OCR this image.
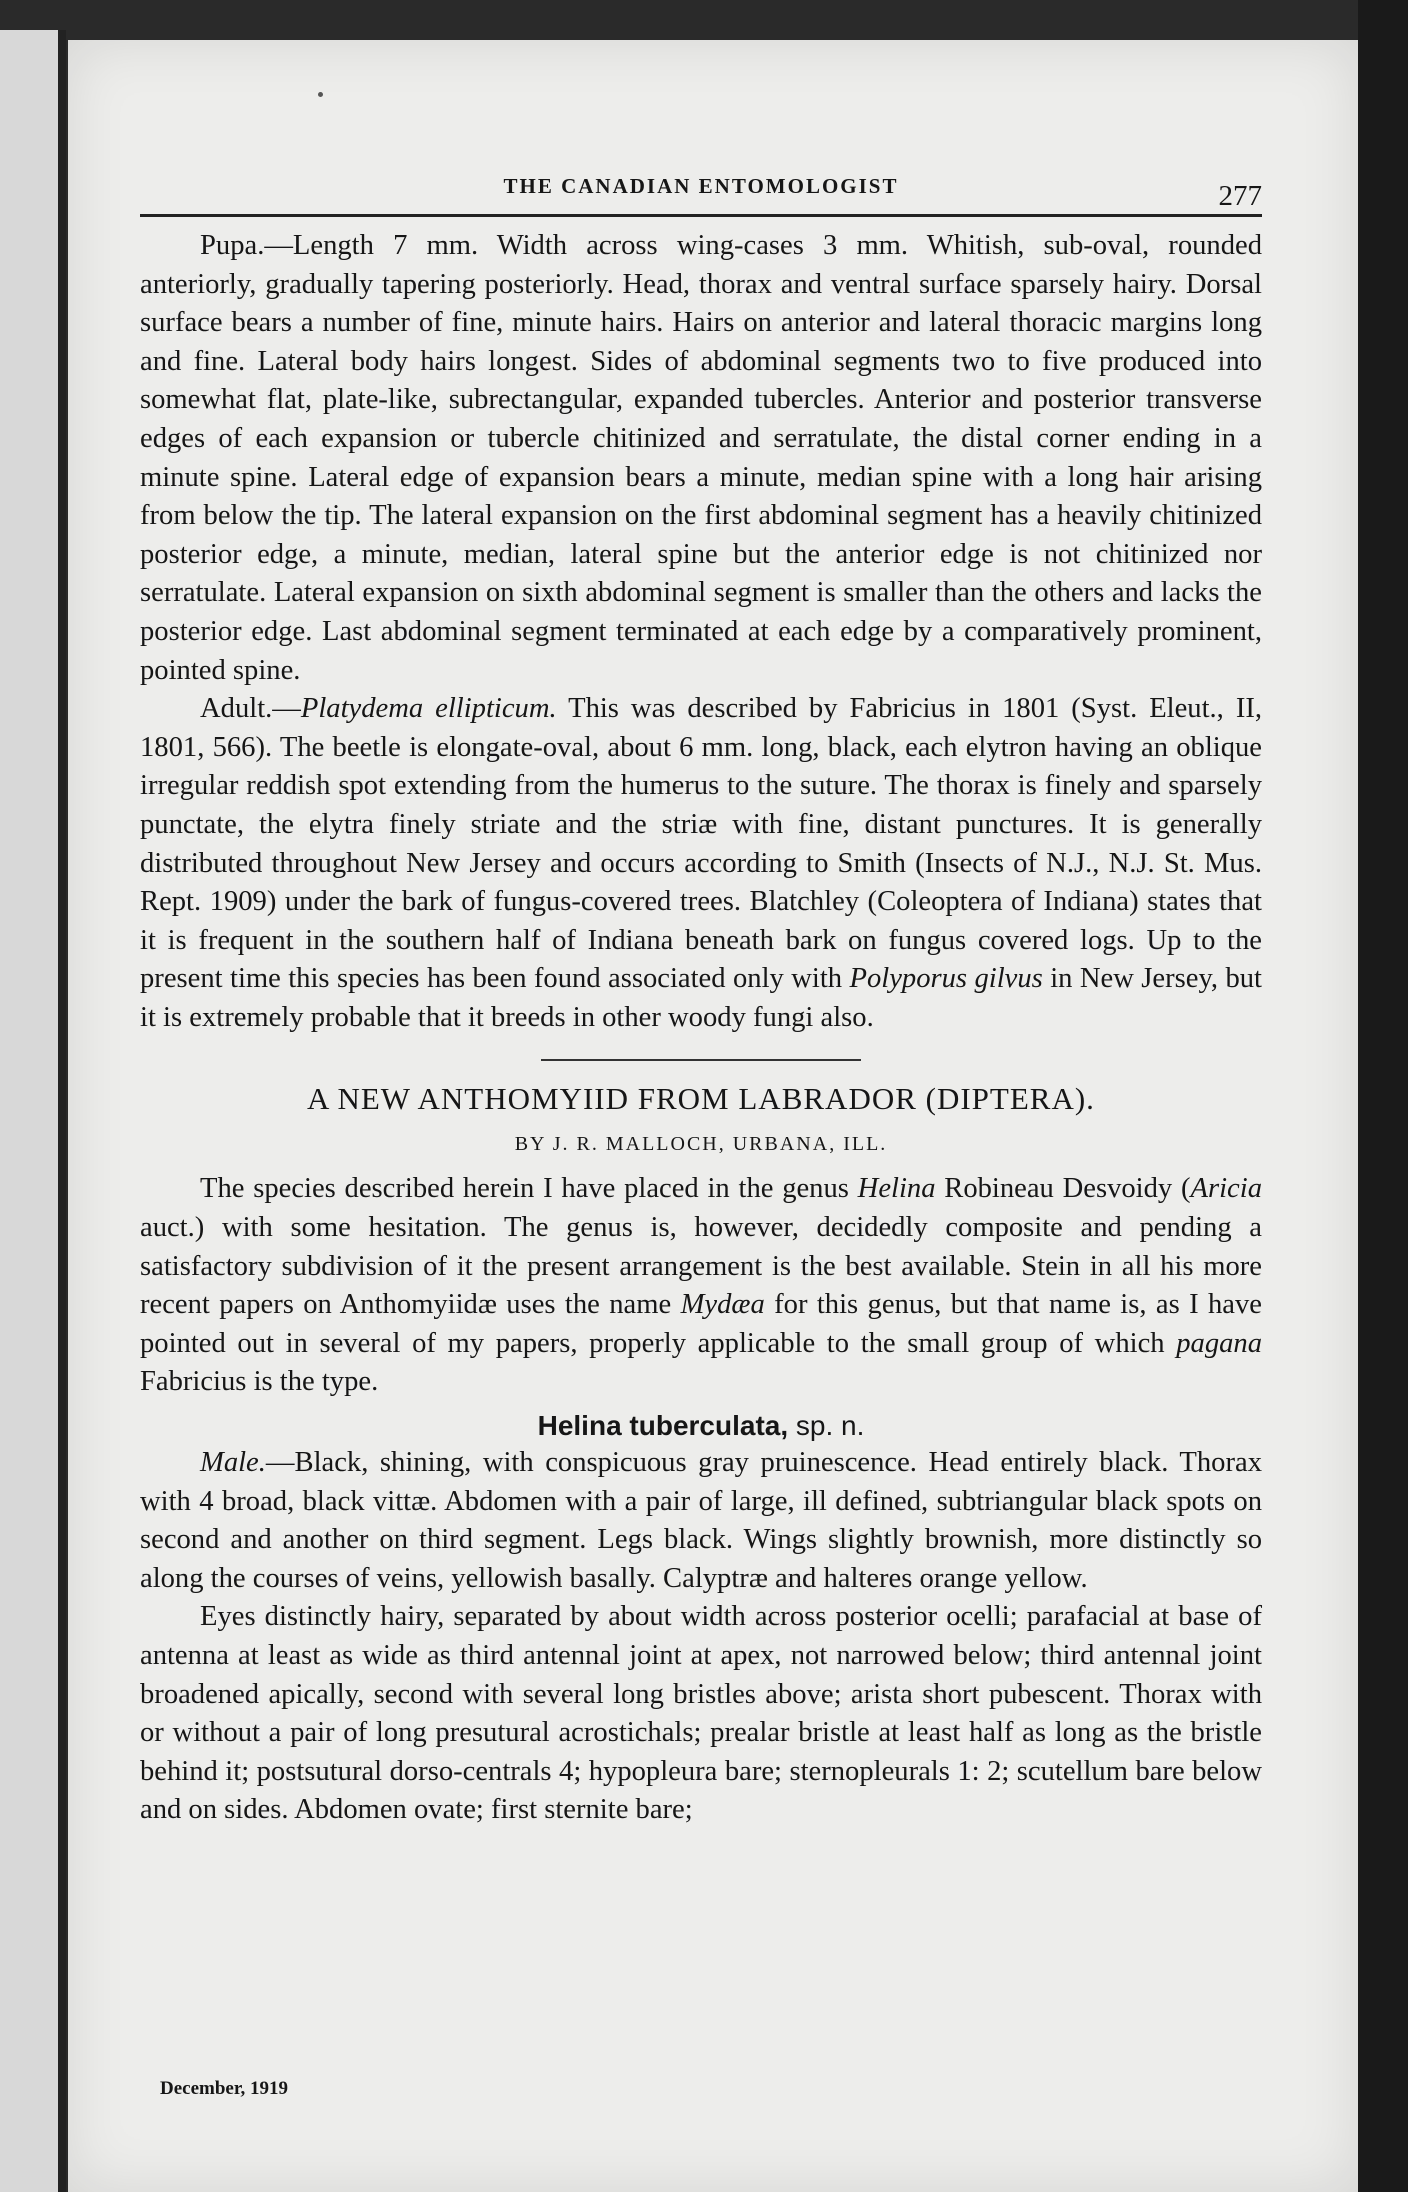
THE CANADIAN ENTOMOLOGIST	277

Pupa.—Length 7 mm. Width across wing-cases 3 mm. Whitish, sub-oval, rounded anteriorly, gradually tapering posteriorly. Head, thorax and ventral surface sparsely hairy. Dorsal surface bears a number of fine, minute hairs. Hairs on anterior and lateral thoracic margins long and fine. Lateral body hairs longest. Sides of abdominal segments two to five produced into somewhat flat, plate-like, subrectangular, expanded tubercles. Anterior and posterior transverse edges of each expansion or tubercle chitinized and serratulate, the distal corner ending in a minute spine. Lateral edge of expansion bears a minute, median spine with a long hair arising from below the tip. The lateral expansion on the first abdominal segment has a heavily chitinized posterior edge, a minute, median, lateral spine but the anterior edge is not chitinized nor serratulate. Lateral expansion on sixth abdominal segment is smaller than the others and lacks the posterior edge. Last abdominal segment terminated at each edge by a comparatively prominent, pointed spine.

Adult.—Platydema ellipticum. This was described by Fabricius in 1801 (Syst. Eleut., II, 1801, 566). The beetle is elongate-oval, about 6 mm. long, black, each elytron having an oblique irregular reddish spot extending from the humerus to the suture. The thorax is finely and sparsely punctate, the elytra finely striate and the striæ with fine, distant punctures. It is generally distributed throughout New Jersey and occurs according to Smith (Insects of N.J., N.J. St. Mus. Rept. 1909) under the bark of fungus-covered trees. Blatchley (Coleoptera of Indiana) states that it is frequent in the southern half of Indiana beneath bark on fungus covered logs. Up to the present time this species has been found associated only with Polyporus gilvus in New Jersey, but it is extremely probable that it breeds in other woody fungi also.

A NEW ANTHOMYIID FROM LABRADOR (DIPTERA).
BY J. R. MALLOCH, URBANA, ILL.

The species described herein I have placed in the genus Helina Robineau Desvoidy (Aricia auct.) with some hesitation. The genus is, however, decidedly composite and pending a satisfactory subdivision of it the present arrangement is the best available. Stein in all his more recent papers on Anthomyiidæ uses the name Mydæa for this genus, but that name is, as I have pointed out in several of my papers, properly applicable to the small group of which pagana Fabricius is the type.

Helina tuberculata, sp. n.

Male.—Black, shining, with conspicuous gray pruinescence. Head entirely black. Thorax with 4 broad, black vittæ. Abdomen with a pair of large, ill defined, subtriangular black spots on second and another on third segment. Legs black. Wings slightly brownish, more distinctly so along the courses of veins, yellowish basally. Calyptræ and halteres orange yellow.

Eyes distinctly hairy, separated by about width across posterior ocelli; parafacial at base of antenna at least as wide as third antennal joint at apex, not narrowed below; third antennal joint broadened apically, second with several long bristles above; arista short pubescent. Thorax with or without a pair of long presutural acrostichals; prealar bristle at least half as long as the bristle behind it; postsutural dorso-centrals 4; hypopleura bare; sternopleurals 1: 2; scutellum bare below and on sides. Abdomen ovate; first sternite bare;

December, 1919
